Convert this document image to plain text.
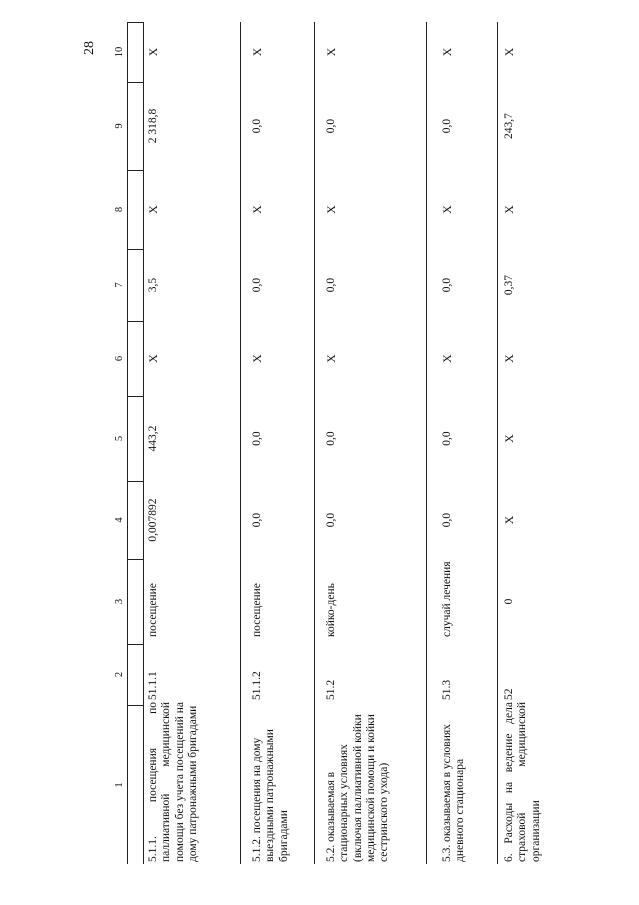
28
1
2
3
4
5
6
7
8
9
10
5.1.1. посещения по паллиативной медицинской помощи без учета посещений на дому патронажными бригадами
51.1.1
посещение
0,007892
443,2
X
3,5
X
2 318,8
X
5.1.2. посещения на дому выездными патронажными бригадами
51.1.2
посещение
0,0
0,0
X
0,0
X
0,0
X
5.2. оказываемая в стационарных условиях (включая паллиативной койки медицинской помощи и койки сестринского ухода)
51.2
койко-день
0,0
0,0
X
0,0
X
0,0
X
5.3. оказываемая в условиях дневного стационара
51.3
случай лечения
0,0
0,0
X
0,0
X
0,0
X
6. Расходы на ведение дела страховой медицинской организации
52
0
X
X
X
0,37
X
243,7
X
